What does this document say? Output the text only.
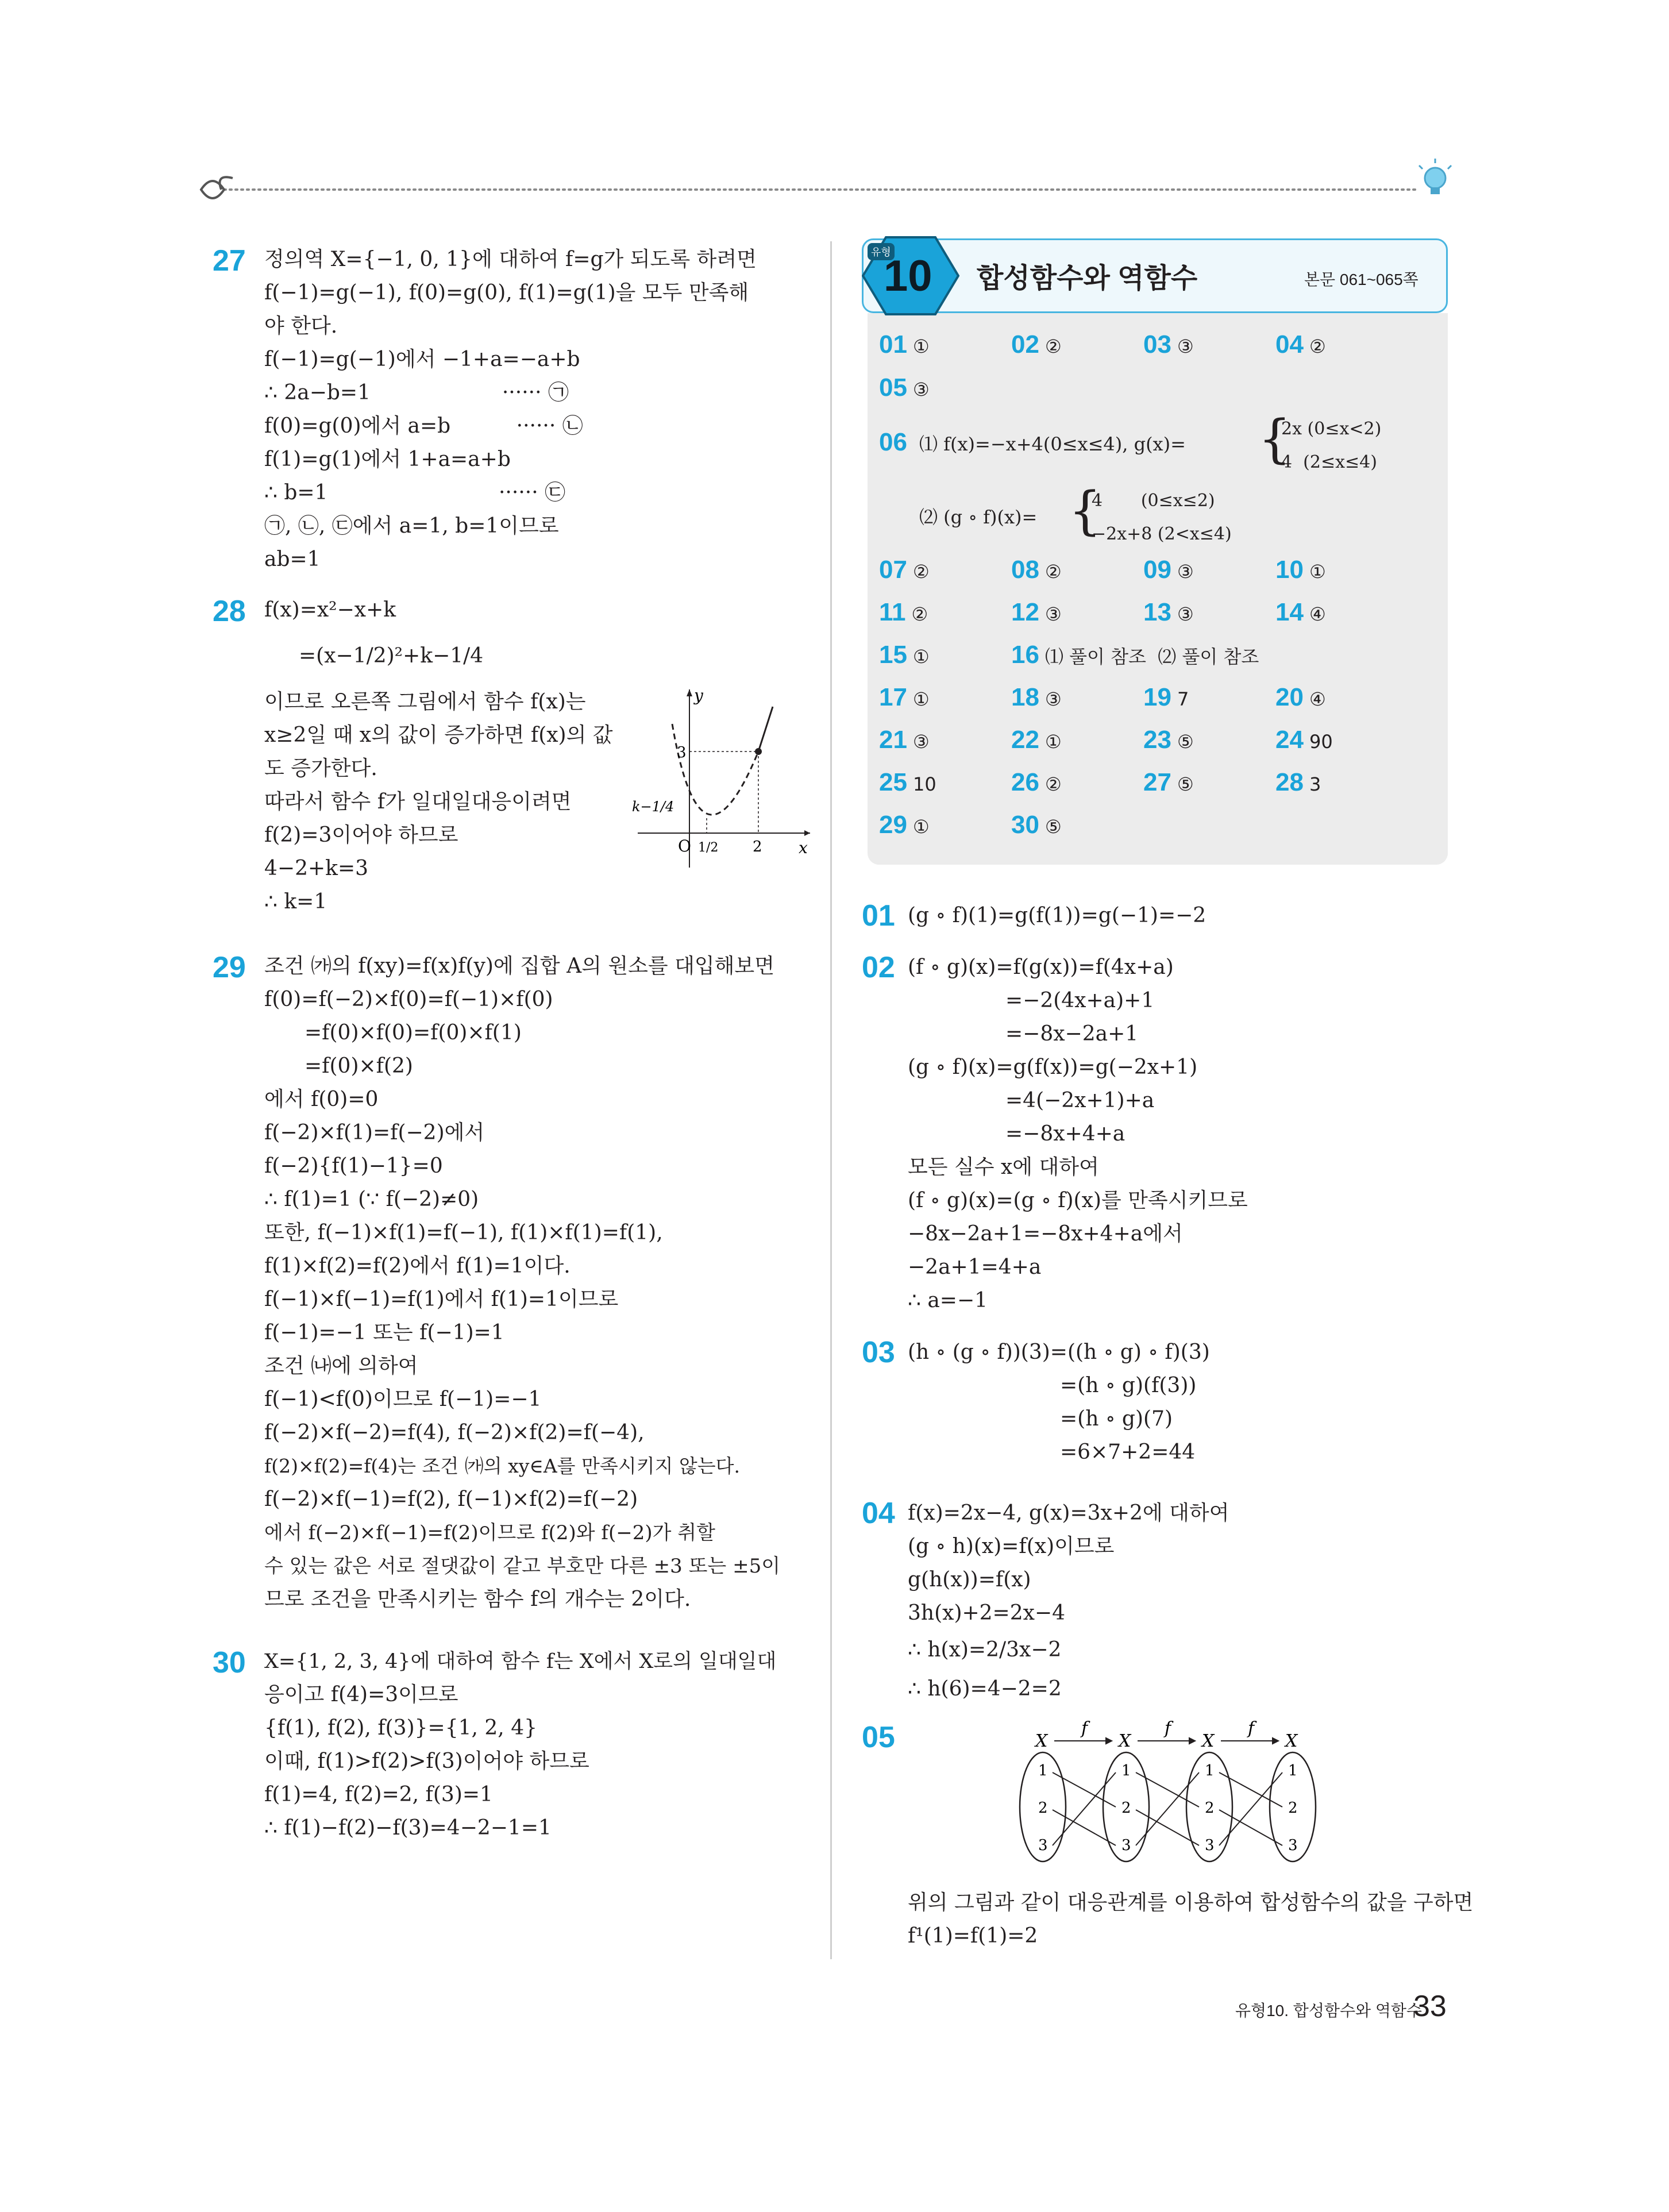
27 정의역 X={−1, 0, 1}에 대하여 f=g가 되도록 하려면
f(−1)=g(−1), f(0)=g(0), f(1)=g(1)을 모두 만족해
야 한다.
f(−1)=g(−1)에서 −1+a=−a+b
∴ 2a−b=1                    ······ ㉠
f(0)=g(0)에서 a=b          ······ ㉡
f(1)=g(1)에서 1+a=a+b
∴ b=1                          ······ ㉢
㉠, ㉡, ㉢에서 a=1, b=1이므로
ab=1
28 f(x)=x²−x+k
=(x−1/2)²+k−1/4
이므로 오른쪽 그림에서 함수 f(x)는
x≥2일 때 x의 값이 증가하면 f(x)의 값
도 증가한다.
따라서 함수 f가 일대일대응이려면
f(2)=3이어야 하므로
4−2+k=3
∴ k=1
y
x
O
3
2
1/2
k−1/4
29 조건 ㈎의 f(xy)=f(x)f(y)에 집합 A의 원소를 대입해보면
f(0)=f(−2)×f(0)=f(−1)×f(0)
=f(0)×f(0)=f(0)×f(1)
=f(0)×f(2)
에서 f(0)=0
f(−2)×f(1)=f(−2)에서
f(−2){f(1)−1}=0
∴ f(1)=1 (∵ f(−2)≠0)
또한, f(−1)×f(1)=f(−1), f(1)×f(1)=f(1),
f(1)×f(2)=f(2)에서 f(1)=1이다.
f(−1)×f(−1)=f(1)에서 f(1)=1이므로
f(−1)=−1 또는 f(−1)=1
조건 ㈏에 의하여
f(−1)<f(0)이므로 f(−1)=−1
f(−2)×f(−2)=f(4), f(−2)×f(2)=f(−4),
f(2)×f(2)=f(4)는 조건 ㈎의 xy∈A를 만족시키지 않는다.
f(−2)×f(−1)=f(2), f(−1)×f(2)=f(−2)
에서 f(−2)×f(−1)=f(2)이므로 f(2)와 f(−2)가 취할
수 있는 값은 서로 절댓값이 같고 부호만 다른 ±3 또는 ±5이
므로 조건을 만족시키는 함수 f의 개수는 2이다.
30 X={1, 2, 3, 4}에 대하여 함수 f는 X에서 X로의 일대일대
응이고 f(4)=3이므로
{f(1), f(2), f(3)}={1, 2, 4}
이때, f(1)>f(2)>f(3)이어야 하므로
f(1)=4, f(2)=2, f(3)=1
∴ f(1)−f(2)−f(3)=4−2−1=1
유형
10 합성함수와 역함수	본문 061~065쪽
01 ①	02 ②	03 ③	04 ②
05 ③
06 ⑴ f(x)=−x+4(0≤x≤4), g(x)= {
2x (0≤x<2)
4  (2≤x≤4)
⑵ (g ∘ f)(x)= {
4       (0≤x≤2)
−2x+8 (2<x≤4)
07 ②	08 ②	09 ③	10 ①
11 ②	12 ③	13 ③	14 ④
15 ①	16 ⑴ 풀이 참조  ⑵ 풀이 참조
17 ①	18 ③	19 7	20 ④
21 ③	22 ①	23 ⑤	24 90
25 10	26 ②	27 ⑤	28 3
29 ①	30 ⑤
01 (g ∘ f)(1)=g(f(1))=g(−1)=−2
02 (f ∘ g)(x)=f(g(x))=f(4x+a)
=−2(4x+a)+1
=−8x−2a+1
(g ∘ f)(x)=g(f(x))=g(−2x+1)
=4(−2x+1)+a
=−8x+4+a
모든 실수 x에 대하여
(f ∘ g)(x)=(g ∘ f)(x)를 만족시키므로
−8x−2a+1=−8x+4+a에서
−2a+1=4+a
∴ a=−1
03 (h ∘ (g ∘ f))(3)=((h ∘ g) ∘ f)(3)
=(h ∘ g)(f(3))
=(h ∘ g)(7)
=6×7+2=44
04 f(x)=2x−4, g(x)=3x+2에 대하여
(g ∘ h)(x)=f(x)이므로
g(h(x))=f(x)
3h(x)+2=2x−4
∴ h(x)=2/3x−2
∴ h(6)=4−2=2
05	X	X	X	X
f	f	f
1
2
3
1
2
3
1
2
3
1
2
3
위의 그림과 같이 대응관계를 이용하여 합성함수의 값을 구하면
f¹(1)=f(1)=2
유형10. 합성함수와 역함수
33
